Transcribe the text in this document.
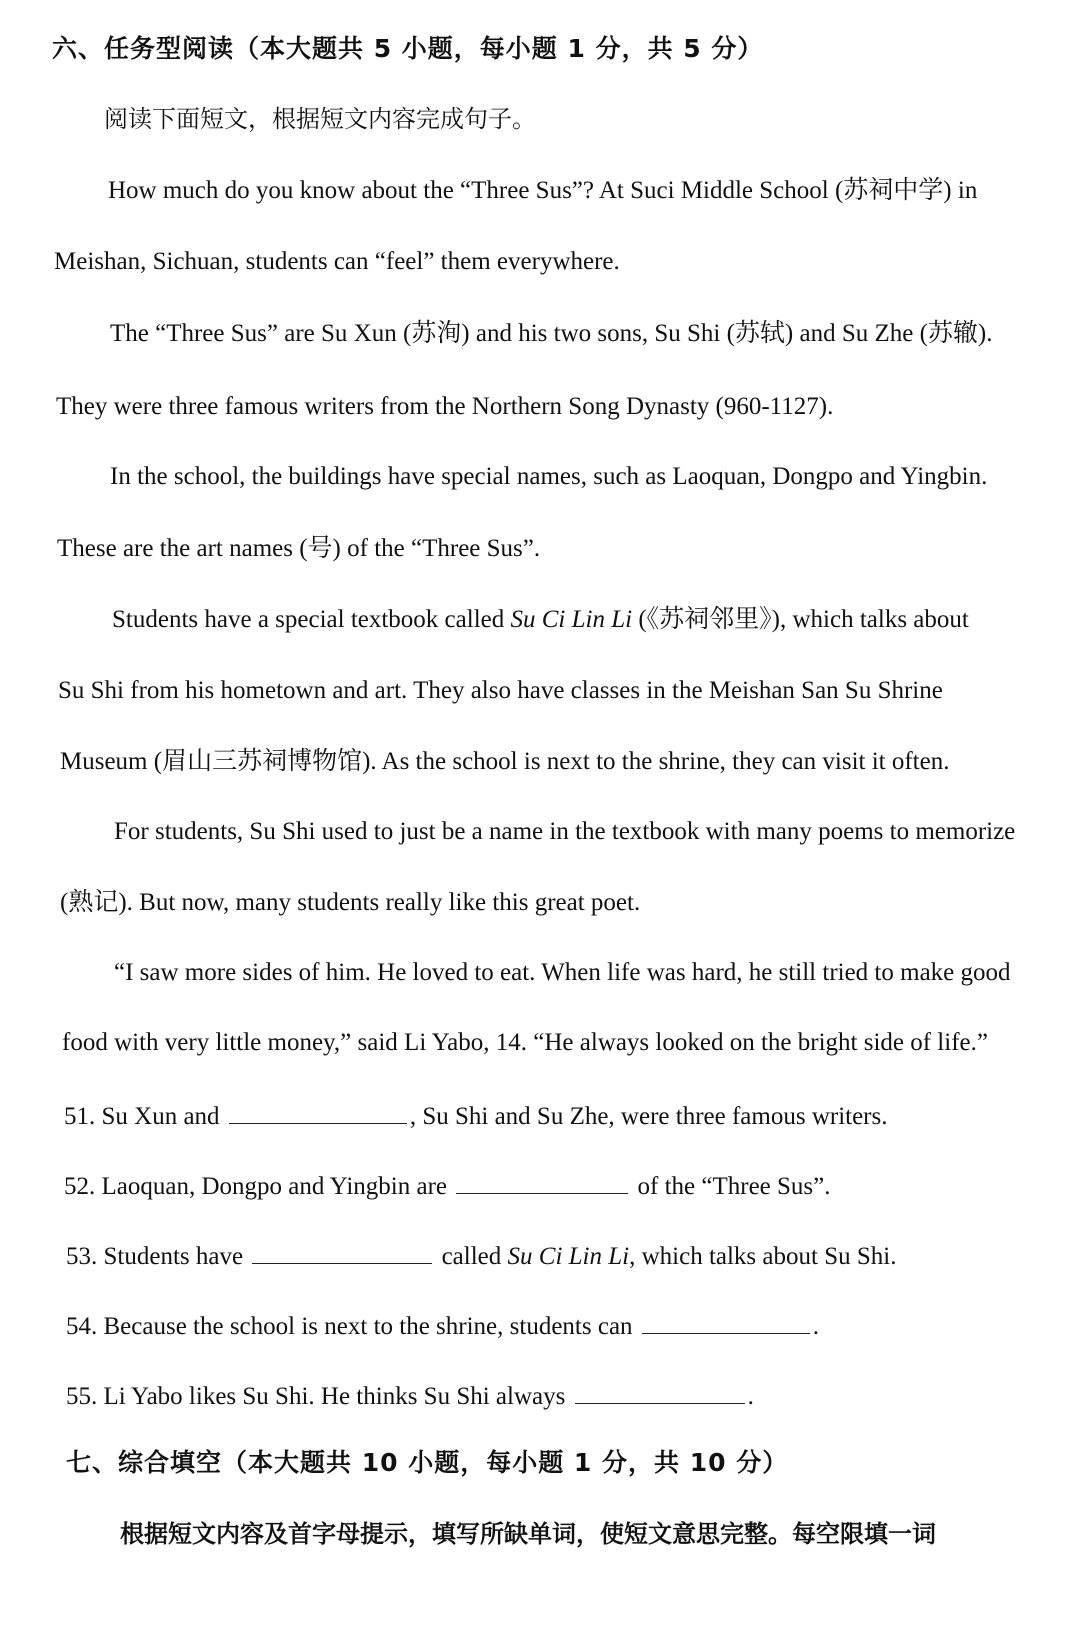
六、任务型阅读（本大题共 5 小题，每小题 1 分，共 5 分）
阅读下面短文，根据短文内容完成句子。
How much do you know about the “Three Sus”? At Suci Middle School (苏祠中学) in
Meishan, Sichuan, students can “feel” them everywhere.
The “Three Sus” are Su Xun (苏洵) and his two sons, Su Shi (苏轼) and Su Zhe (苏辙).
They were three famous writers from the Northern Song Dynasty (960-1127).
In the school, the buildings have special names, such as Laoquan, Dongpo and Yingbin.
These are the art names (号) of the “Three Sus”.
Students have a special textbook called Su Ci Lin Li (《苏祠邻里》), which talks about
Su Shi from his hometown and art. They also have classes in the Meishan San Su Shrine
Museum (眉山三苏祠博物馆). As the school is next to the shrine, they can visit it often.
For students, Su Shi used to just be a name in the textbook with many poems to memorize
(熟记). But now, many students really like this great poet.
“I saw more sides of him. He loved to eat. When life was hard, he still tried to make good
food with very little money,” said Li Yabo, 14. “He always looked on the bright side of life.”
51. Su Xun and	, Su Shi and Su Zhe, were three famous writers.
52. Laoquan, Dongpo and Yingbin are	of the “Three Sus”.
53. Students have	called Su Ci Lin Li, which talks about Su Shi.
54. Because the school is next to the shrine, students can	.
55. Li Yabo likes Su Shi. He thinks Su Shi always	.
七、综合填空（本大题共 10 小题，每小题 1 分，共 10 分）
根据短文内容及首字母提示，填写所缺单词，使短文意思完整。每空限填一词
